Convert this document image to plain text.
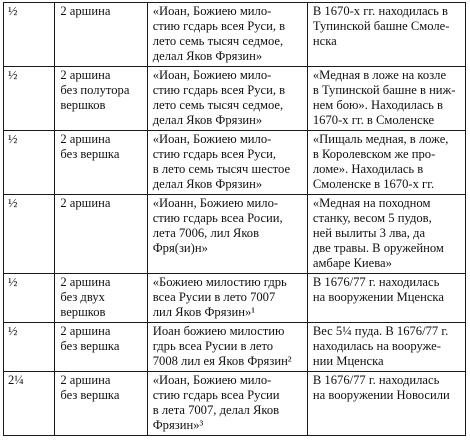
½	2 аршина	«Иоан, Божиею мило-
стию гсдарь всея Руси, в
лето семь тысяч седмое,
делал Яков Фрязин»	В 1670-х гг. находилась в
Тупинской башне Смоле-
нска

½	2 аршина
без полутора
вершков	«Иоан, Божиею мило-
стию гсдарь всея Руси, в
лето семь тысяч седмое,
делал Яков Фрязин»	«Медная в ложе на козле
в Тупинской башне в ниж-
нем бою». Находилась в
1670-х гг. в Смоленске

½	2 аршина
без вершка	«Иоан, Божиею мило-
стию гсдарь всея Руси,
в лето семь тысяч шестое
делал Яков Фрязин»	«Пищаль медная, в ложе,
в Королевском же про-
ломе». Находилась в
Смоленске в 1670-х гг.

½	2 аршина	«Иоанн, Божиею мило-
стию гсдарь всеа Росии,
лета 7006, лил Яков
Фря(зи)н»	«Медная на походном
станку, весом 5 пудов,
ней вылиты 3 лва, да
две травы. В оружейном
амбаре Киева»

½	2 аршина
без двух
вершков	«Божиею милостию гдрь
всеа Русии в лето 7007
лил Яков Фрязин»¹	В 1676/77 г. находилась
на вооружении Мценска

½	2 аршина
без вершка	Иоан божиею милостию
гдрь всеа Русии в лето
7008 лил ея Яков Фрязин²	Вес 5¼ пуда. В 1676/77 г.
находилась на вооруже-
нии Мценска

2¼	2 аршина
без вершка	«Иоан, Божиею мило-
стию гсдарь всеа Русии
в лета 7007, делал Яков
Фрязин»³	В 1676/77 г. находилась
на вооружении Новосили
